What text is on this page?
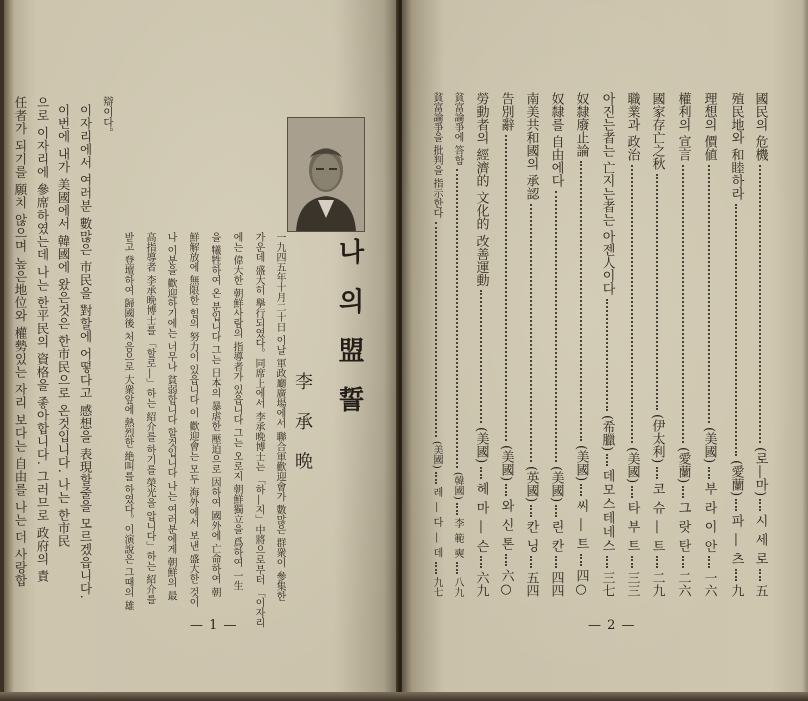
나의盟誓
李 承 晩
一九四五年十月二十日 이날 軍政廳廣場에서 聯合軍歡迎會가 數많은 群衆이 參集한
가운데 盛大히 擧行되였다。同席上에서 李承晩博士는 「하―지」中將으로부터 「이자리
에는 偉大한 朝鮮사람의 指導者가 있읍니다 그는 오로지 朝鮮獨立을 爲하여 一生
을 犧牲하여 온 분입니다 그는 日本의 暴虐한 壓迫으로 因하여 國外에 亡命하여 朝
鮮解放에 無限한 힘의 努力이 있읍니다 이 歡迎會는 모두 海外에서 보낸 盛大한 것이
나 이분을 歡迎하기에는 너무나 貧弱합니다 할것입니다 나는 여러분에게 朝鮮의 最
高指導者 李承晩博士를 「할로―」하는 紹介를 하기를 榮光을 압니다」하는 紹介를
받고 登壇하여 歸國後 처음으로 大衆앞에 熱烈한 絶叫를 하였다。이演說은 그때의 雄
辯이다。
이자리에서 여러분 數많은 市民을 對할에 어떻다고 感想을 表現할줄을 모르겠읍니다.
이번에 내가 美國에서 韓國에 왔은것은 한市民으로 온것입니다. 나는 한市民
으로 이자리에 參席하였는데 나는 한平民의 資格을 좋아합니다. 그러므로 政府의 責
任者가 되기를 願치 않으며 높은地位와 權勢있는 자리 보다는 自由를 나는 더 사랑합
— 1 —
國民의 危機
(로―마)
시 세 로
五
殖民地와 和睦하라
(愛蘭)
파 ― 츠
九
理想의 價値
(美國)
부 라 이 안
一六
權利의 宣言
(愛蘭)
그 랏 탄
二六
國家存亡之秋
(伊太利)
코 슈 ― 트
二九
職業과 政治
(美國)
타 부 트
三三
아진는者는 亡지는者는 아젠人이다
(希臘)
데모스테네스
三七
奴隸廢止論
(美國)
씨 ― 트
四○
奴隸를 自由에다
(美國)
린 칸
四四
南美共和國의 承認
(英國)
칸 닝
五四
告別辭
(美國)
와 신 톤
六○
勞動者의 經濟的 文化的 改善運動
(美國)
헤 마 ― 슨
六九
貧富論爭에 答함
(韓國)
李 範 奭
八九
貧富論爭을 批判을 指示한다
(美國)
레 ― 다 ― 데
九七
— 2 —
